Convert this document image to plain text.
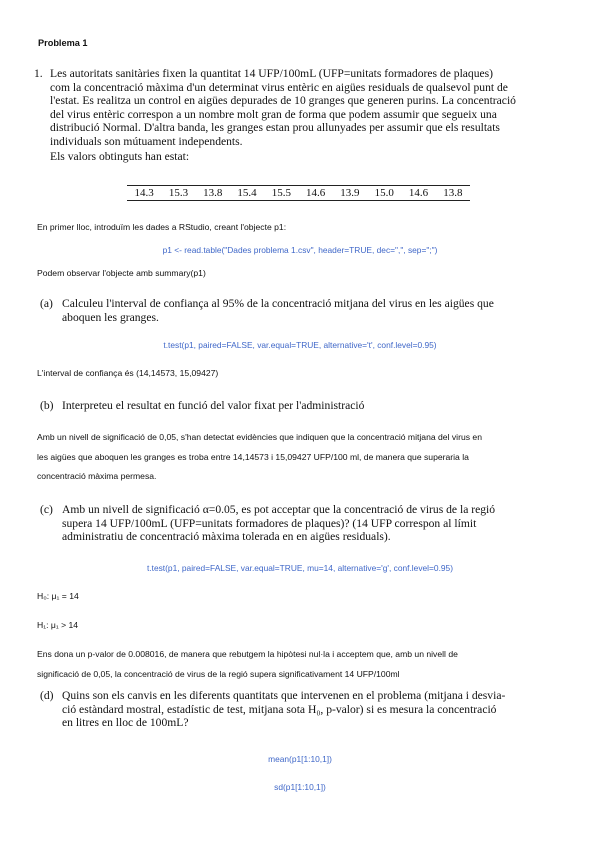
Problema 1
1. Les autoritats sanitàries fixen la quantitat 14 UFP/100mL (UFP=unitats formadores de plaques)
com la concentració màxima d'un determinat virus entèric en aigües residuals de qualsevol punt de
l'estat. Es realitza un control en aigües depurades de 10 granges que generen purins. La concentració
del virus entèric correspon a un nombre molt gran de forma que podem assumir que segueix una
distribució Normal. D'altra banda, les granges estan prou allunyades per assumir que els resultats
individuals son mútuament independents.
Els valors obtinguts han estat:
14.3	15.3	13.8	15.4	15.5	14.6	13.9	15.0	14.6	13.8
En primer lloc, introduïm les dades a RStudio, creant l'objecte p1:
p1 <- read.table("Dades problema 1.csv", header=TRUE, dec=",", sep=";")
Podem observar l'objecte amb summary(p1)
(a) Calculeu l'interval de confiança al 95% de la concentració mitjana del virus en les aigües que
aboquen les granges.
t.test(p1, paired=FALSE, var.equal=TRUE, alternative='t', conf.level=0.95)
L'interval de confiança és (14,14573, 15,09427)
(b) Interpreteu el resultat en funció del valor fixat per l'administració
Amb un nivell de significació de 0,05, s'han detectat evidències que indiquen que la concentració mitjana del virus en
les aigües que aboquen les granges es troba entre 14,14573 i 15,09427 UFP/100 ml, de manera que superaria la
concentració màxima permesa.
(c) Amb un nivell de significació α=0.05, es pot acceptar que la concentració de virus de la regió
supera 14 UFP/100mL (UFP=unitats formadores de plaques)? (14 UFP correspon al límit
administratiu de concentració màxima tolerada en en aigües residuals).
t.test(p1, paired=FALSE, var.equal=TRUE, mu=14, alternative='g', conf.level=0.95)
H₀: μ₁ = 14
H₁: μ₁ > 14
Ens dona un p-valor de 0.008016, de manera que rebutgem la hipòtesi nul·la i acceptem que, amb un nivell de
significació de 0,05, la concentració de virus de la regió supera significativament 14 UFP/100ml
(d) Quins son els canvis en les diferents quantitats que intervenen en el problema (mitjana i desvia-
ció estàndard mostral, estadístic de test, mitjana sota H₀, p-valor) si es mesura la concentració
en litres en lloc de 100mL?
mean(p1[1:10,1])
sd(p1[1:10,1])
